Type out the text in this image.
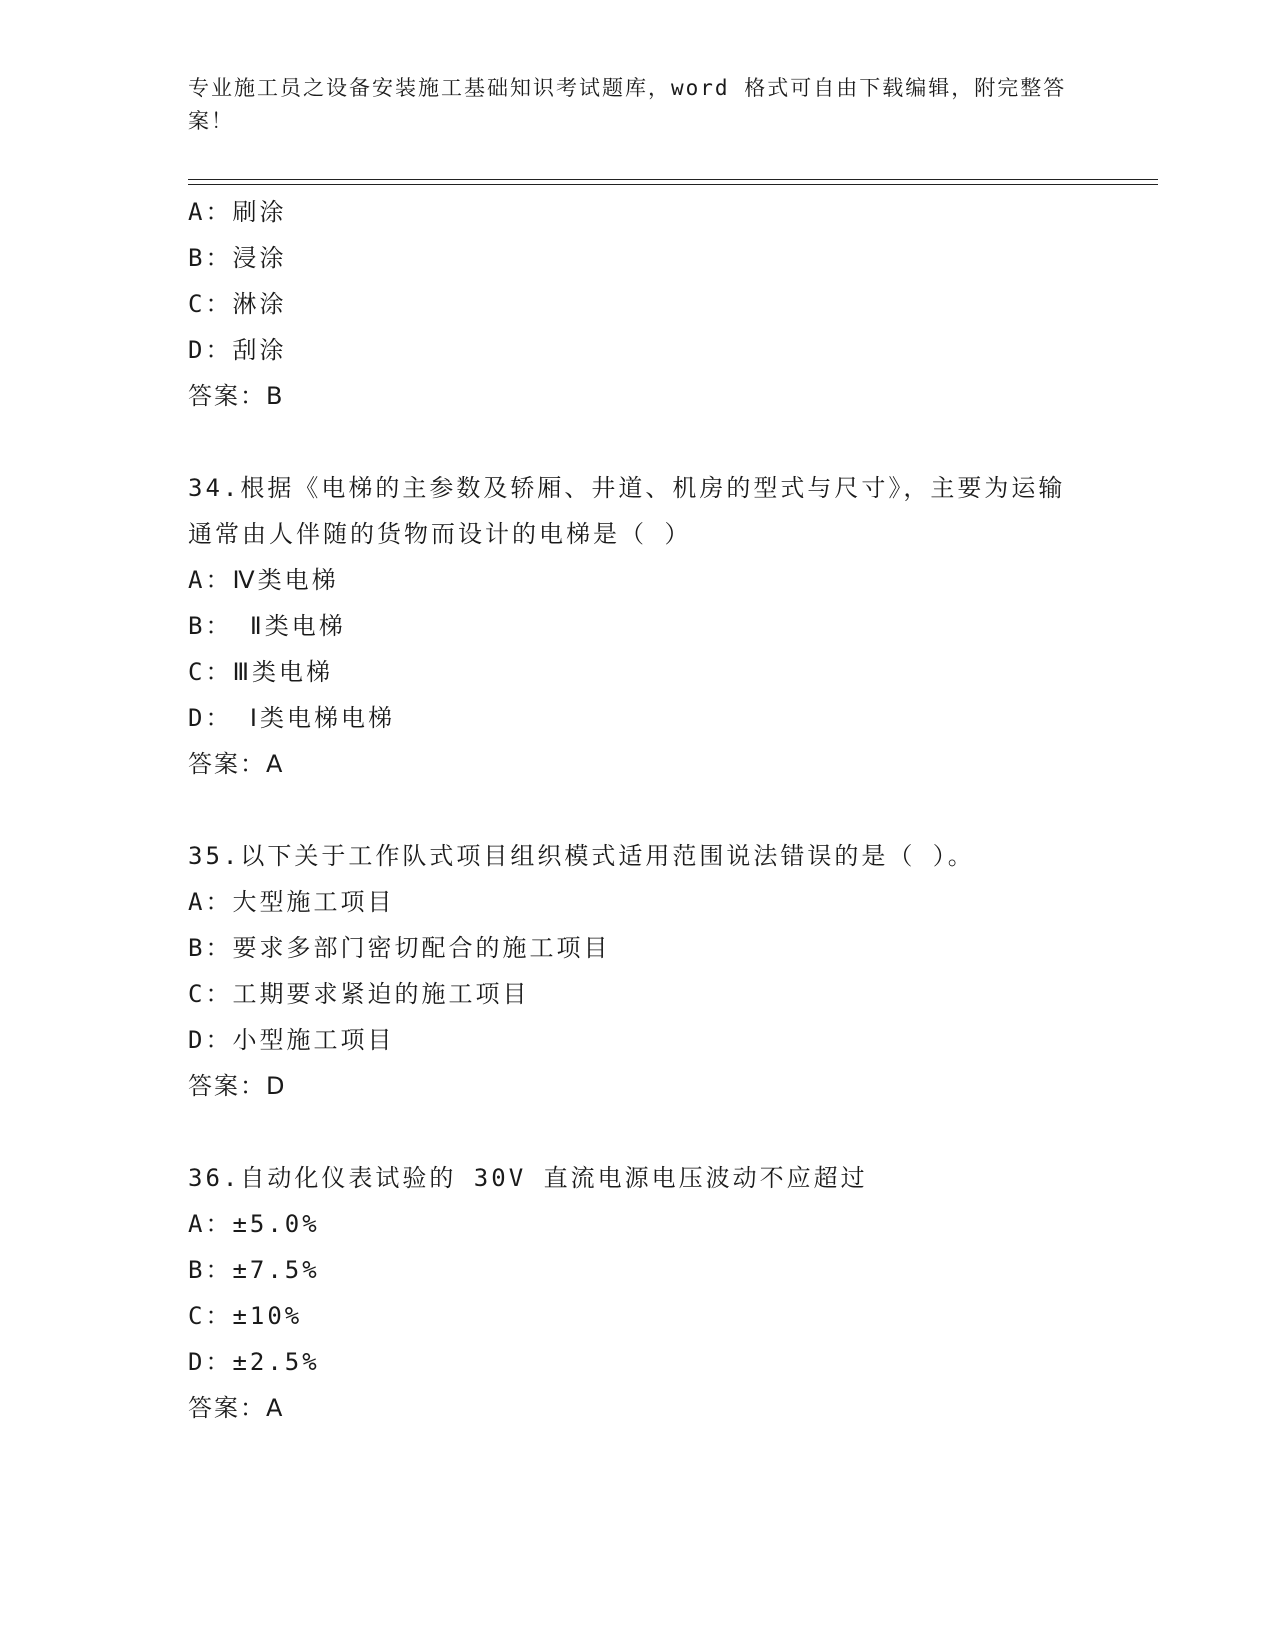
专业施工员之设备安装施工基础知识考试题库，word 格式可自由下载编辑，附完整答案！
A：刷涂
B：浸涂
C：淋涂
D：刮涂
答案：B
34.根据《电梯的主参数及轿厢、井道、机房的型式与尺寸》，主要为运输通常由人伴随的货物而设计的电梯是（ ）
A：Ⅳ类电梯
B： Ⅱ类电梯
C：Ⅲ类电梯
D： Ⅰ类电梯电梯
答案：A
35.以下关于工作队式项目组织模式适用范围说法错误的是（ ）。
A：大型施工项目
B：要求多部门密切配合的施工项目
C：工期要求紧迫的施工项目
D：小型施工项目
答案：D
36.自动化仪表试验的 30V 直流电源电压波动不应超过
A：±5.0%
B：±7.5%
C：±10%
D：±2.5%
答案：A
